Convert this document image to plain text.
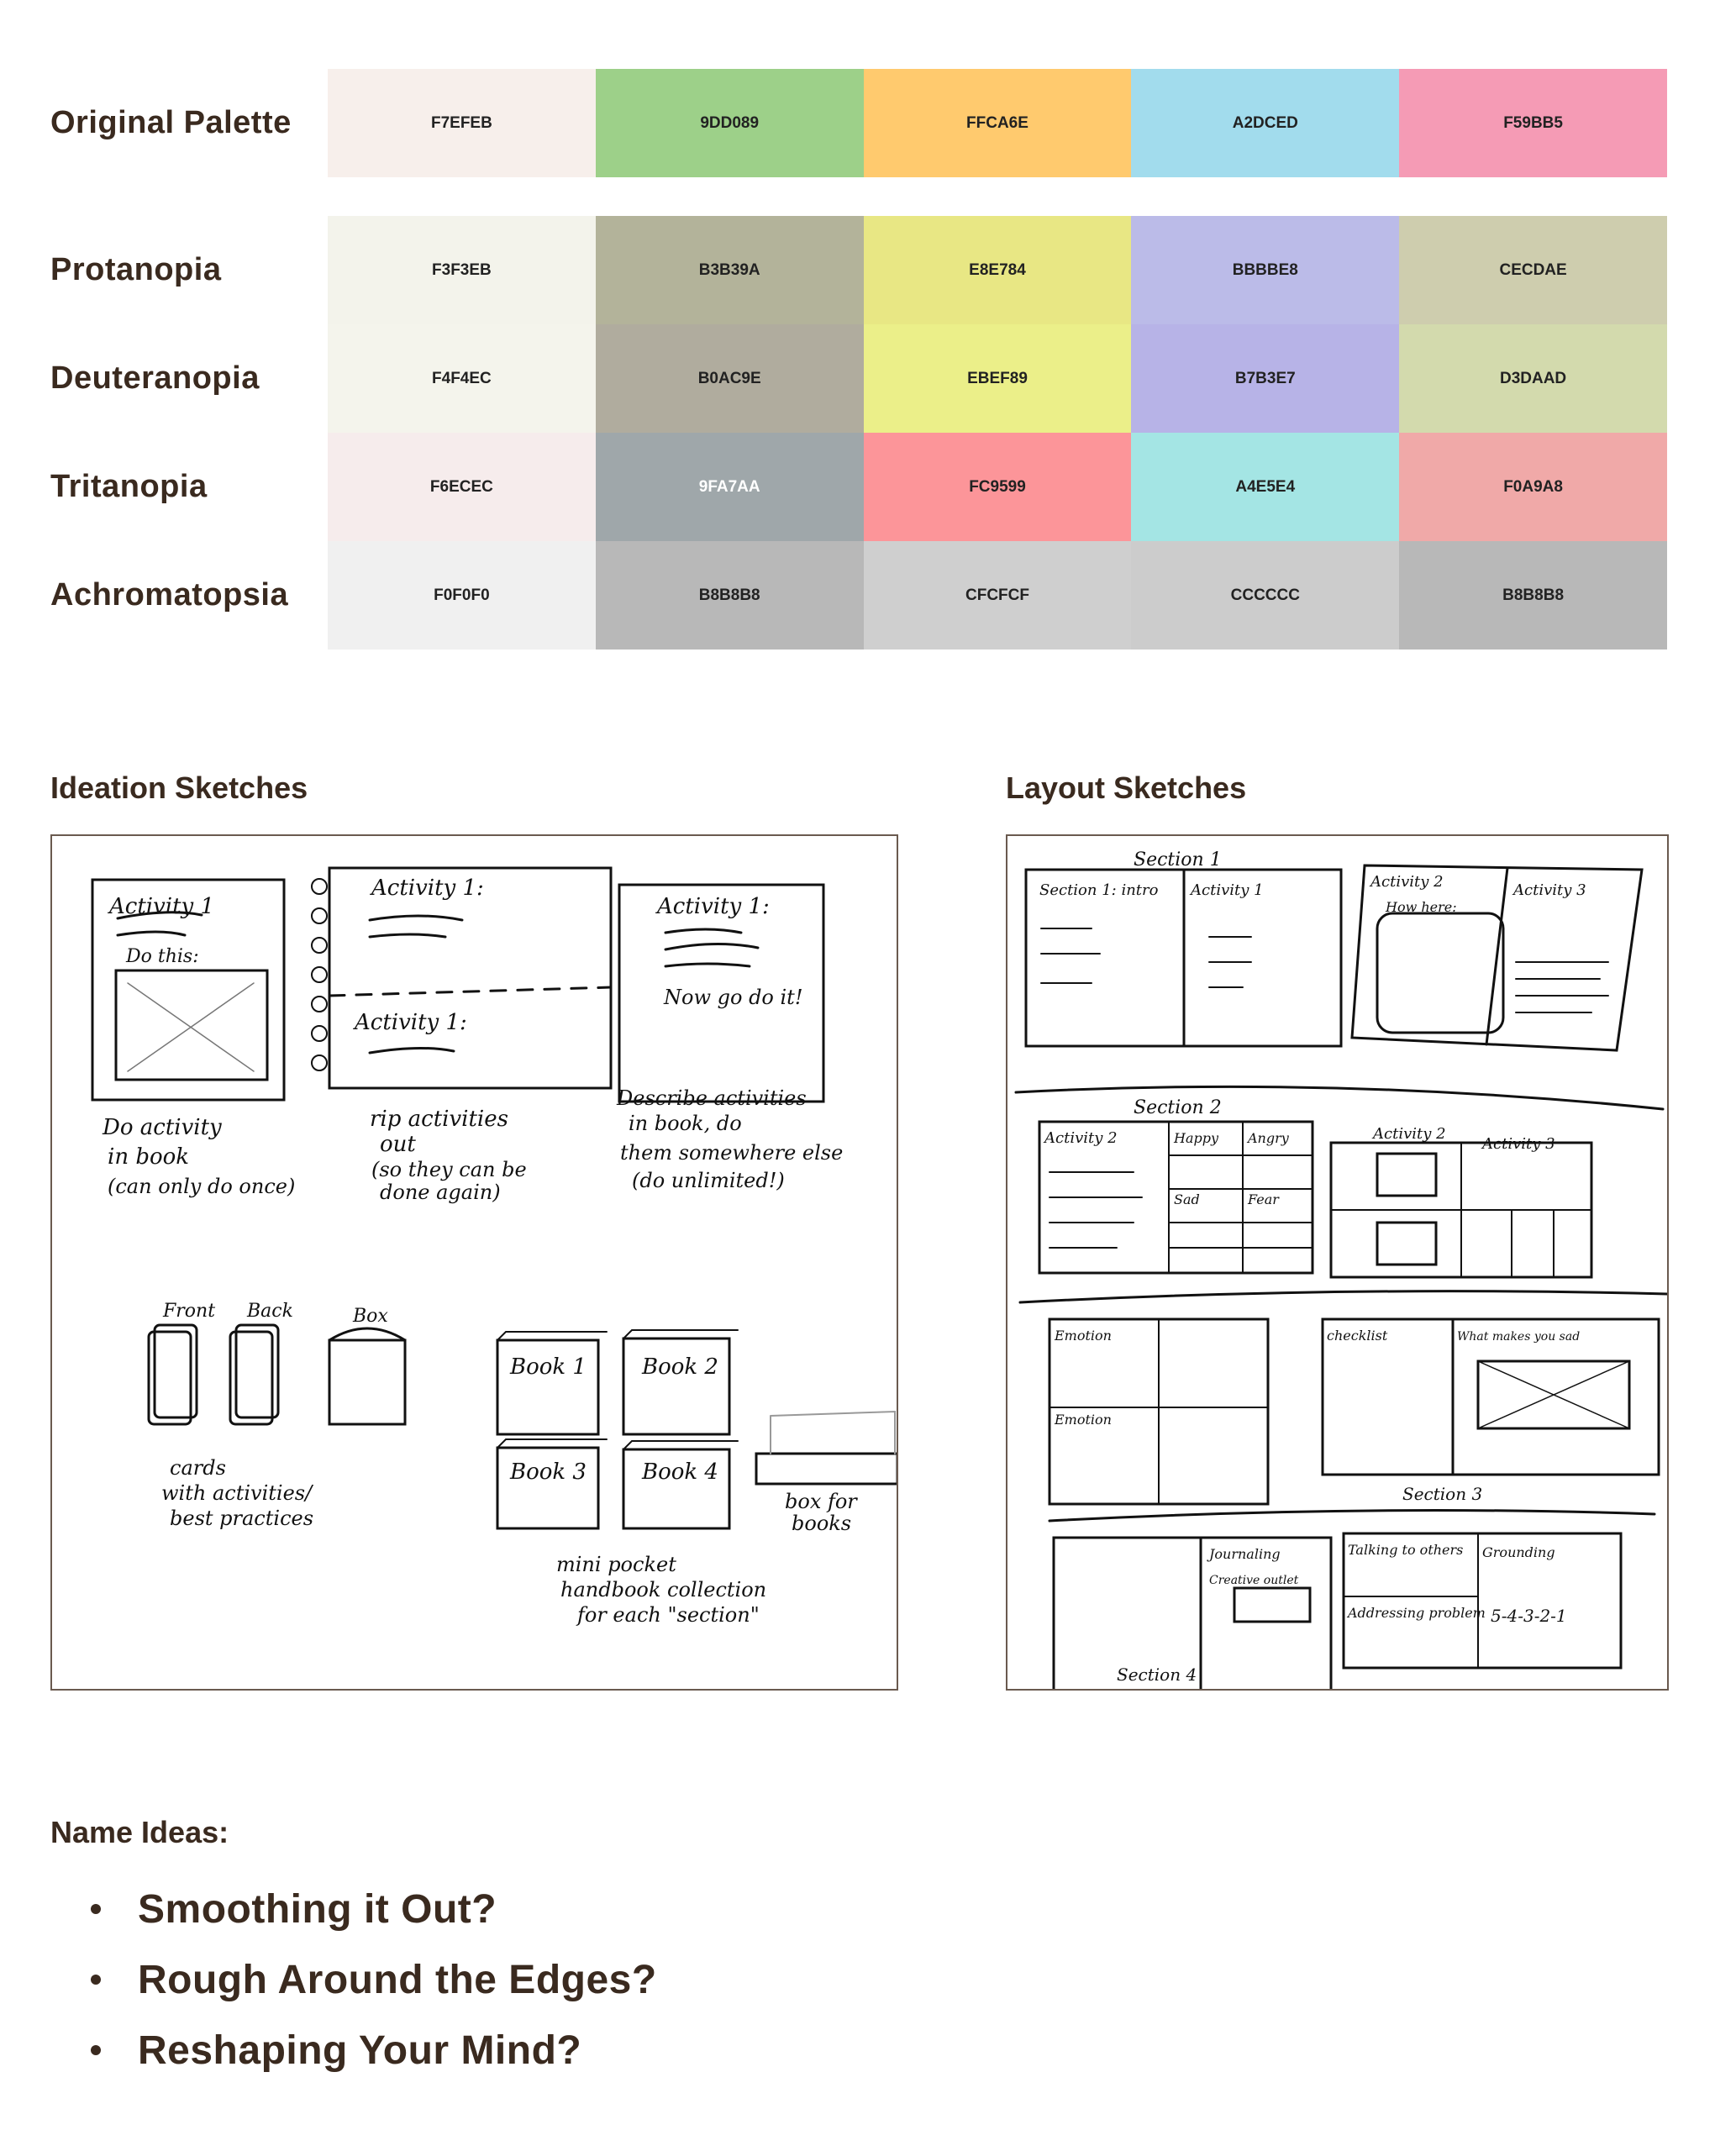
Original Palette	F7EFEB	9DD089	FFCA6E	A2DCED	F59BB5
Protanopia	F3F3EB	B3B39A	E8E784	BBBBE8	CECDAE
Deuteranopia	F4F4EC	B0AC9E	EBEF89	B7B3E7	D3DAAD
Tritanopia	F6ECEC	9FA7AA	FC9599	A4E5E4	F0A9A8
Achromatopsia	F0F0F0	B8B8B8	CFCFCF	CCCCCC	B8B8B8
Ideation Sketches	Layout Sketches
Activity 1
Do this:
Do activity
in book
(can only do once)
Activity 1:
Activity 1:
rip activities
out
(so they can be
done again)
Activity 1:
Now go do it!
Describe activities
in book, do
them somewhere else
(do unlimited!)
Front Back	Box
cards
with activities/
best practices
Book 1	Book 2
Book 3	Book 4
box for
books
mini pocket
handbook collection
for each "section"
Section 1
Section 1: intro Activity 1	Activity 2	Activity 3
How here:
Section 2
Activity 2	Happy Angry
Sad	Fear
Activity 2
Activity 3
Emotion
Emotion
checklist	What makes you sad
Section 3
Journaling
Creative outlet
Talking to others Grounding
Addressing problem 5-4-3-2-1
Section 4
Name Ideas:
Smoothing it Out?
Rough Around the Edges?
Reshaping Your Mind?
